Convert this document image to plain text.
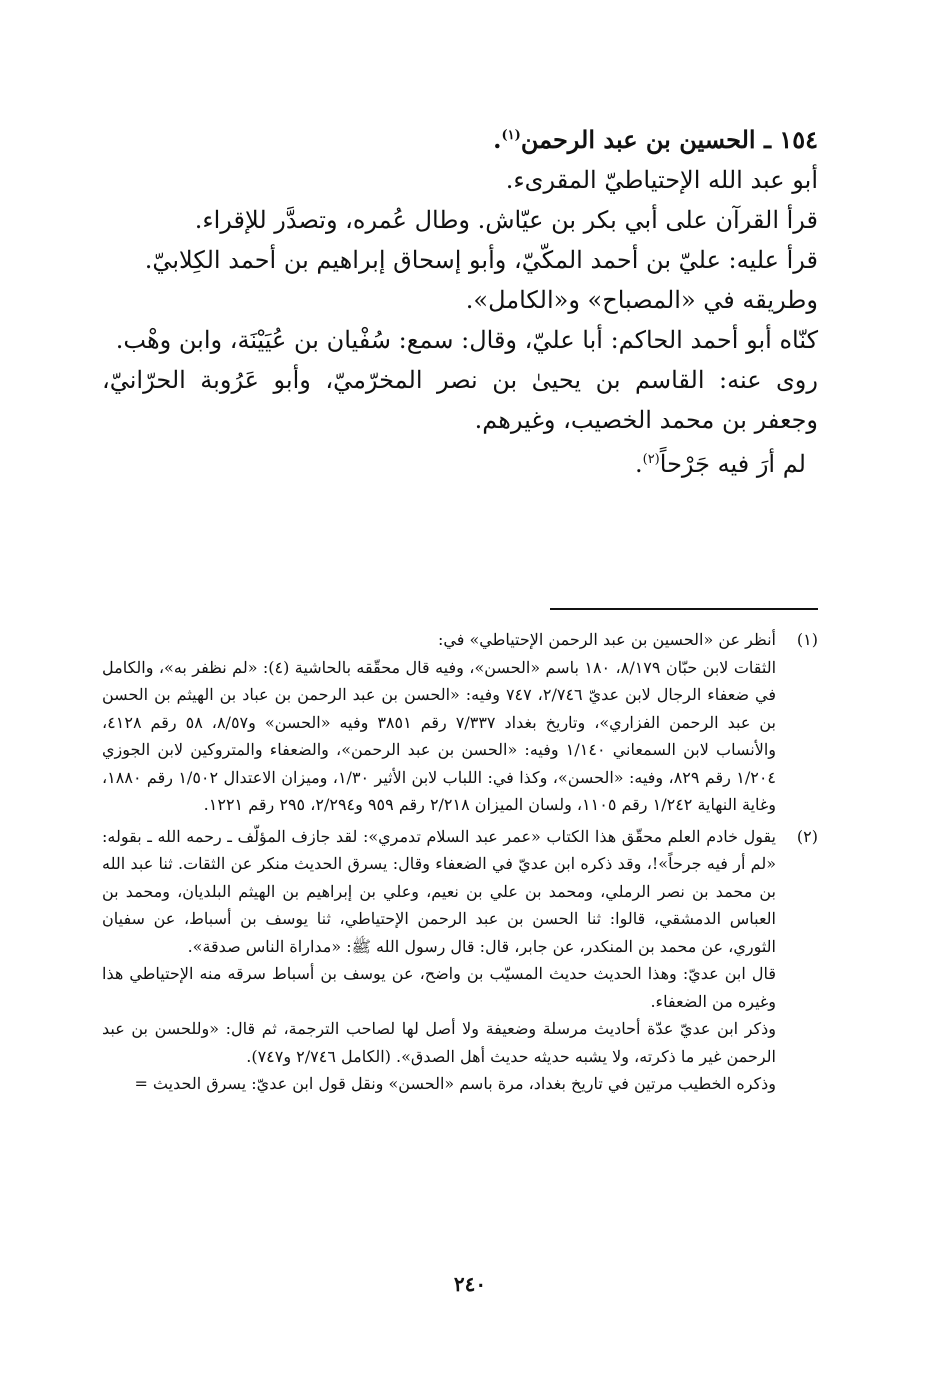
١٥٤ ـ الحسين بن عبد الرحمن$^{(١)}$.

أبو عبد الله الإحتياطيّ المقرىء.

قرأ القرآن على أبي بكر بن عيّاش. وطال عُمره، وتصدَّر للإقراء.

قرأ عليه: عليّ بن أحمد المكّيّ، وأبو إسحاق إبراهيم بن أحمد الكِلابيّ.

وطريقه في «المصباح» و«الكامل».

كنّاه أبو أحمد الحاكم: أبا عليّ، وقال: سمع: سُفْيان بن عُيَيْنَة، وابن وهْب.

روى عنه: القاسم بن يحيىٰ بن نصر المخرّميّ، وأبو عَرُوبة الحرّانيّ، وجعفر بن محمد الخصيب، وغيرهم.

لم أرَ فيه جَرْحاً$^{(٢)}$.

(١)

أنظر عن «الحسين بن عبد الرحمن الإحتياطي» في:

الثقات لابن حبّان ٨/١٧٩، ١٨٠ باسم «الحسن»، وفيه قال محقّقه بالحاشية (٤): «لم نظفر به»، والكامل في ضعفاء الرجال لابن عديّ ٢/٧٤٦، ٧٤٧ وفيه: «الحسن بن عبد الرحمن بن عباد بن الهيثم بن الحسن بن عبد الرحمن الفزاري»، وتاريخ بغداد ٧/٣٣٧ رقم ٣٨٥١ وفيه «الحسن» و٨/٥٧، ٥٨ رقم ٤١٢٨، والأنساب لابن السمعاني ١/١٤٠ وفيه: «الحسن بن عبد الرحمن»، والضعفاء والمتروكين لابن الجوزي ١/٢٠٤ رقم ٨٢٩، وفيه: «الحسن»، وكذا في: اللباب لابن الأثير ١/٣٠، وميزان الاعتدال ١/٥٠٢ رقم ١٨٨٠، وغاية النهاية ١/٢٤٢ رقم ١١٠٥، ولسان الميزان ٢/٢١٨ رقم ٩٥٩ و٢/٢٩٤، ٢٩٥ رقم ١٢٢١.

(٢)

يقول خادم العلم محقّق هذا الكتاب «عمر عبد السلام تدمري»: لقد جازف المؤلّف ـ رحمه الله ـ بقوله: «لم أر فيه جرحاً»!، وقد ذكره ابن عديّ في الضعفاء وقال: يسرق الحديث منكر عن الثقات. ثنا عبد الله بن محمد بن نصر الرملي، ومحمد بن علي بن نعيم، وعلي بن إبراهيم بن الهيثم البلديان، ومحمد بن العباس الدمشقي، قالوا: ثنا الحسن بن عبد الرحمن الإحتياطي، ثنا يوسف بن أسباط، عن سفيان الثوري، عن محمد بن المنكدر، عن جابر، قال: قال رسول الله ﷺ: «مداراة الناس صدقة».

قال ابن عديّ: وهذا الحديث حديث المسيّب بن واضح، عن يوسف بن أسباط سرقه منه الإحتياطي هذا وغيره من الضعفاء.

وذكر ابن عديّ عدّة أحاديث مرسلة وضعيفة ولا أصل لها لصاحب الترجمة، ثم قال: «وللحسن بن عبد الرحمن غير ما ذكرته، ولا يشبه حديثه حديث أهل الصدق». (الكامل ٢/٧٤٦ و٧٤٧).

وذكره الخطيب مرتين في تاريخ بغداد، مرة باسم «الحسن» ونقل قول ابن عديّ: يسرق الحديث =

٢٤٠
